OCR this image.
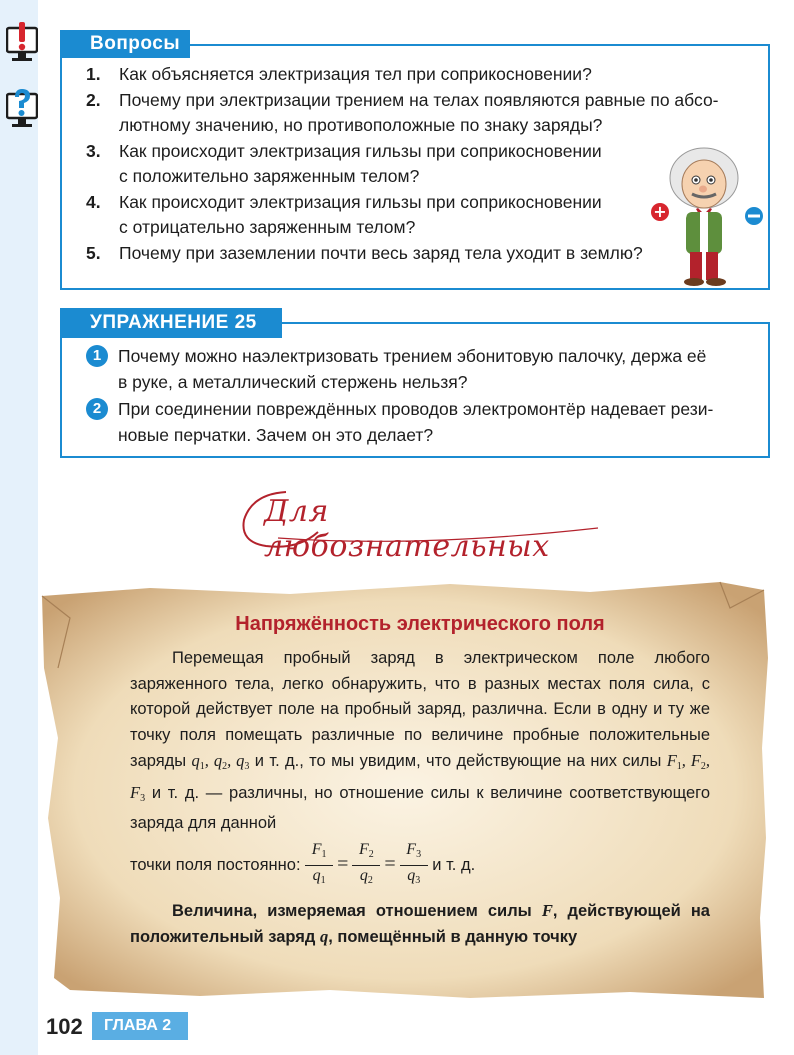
Вопросы
1. Как объясняется электризация тел при соприкосновении?
2. Почему при электризации трением на телах появляются равные по абсо-
лютному значению, но противоположные по знаку заряды?
3. Как происходит электризация гильзы при соприкосновении
с положительно заряженным телом?
4. Как происходит электризация гильзы при соприкосновении
с отрицательно заряженным телом?
5. Почему при заземлении почти весь заряд тела уходит в землю?
+
УПРАЖНЕНИЕ 25
1 Почему можно наэлектризовать трением эбонитовую палочку, держа её
в руке, а металлический стержень нельзя?
2 При соединении повреждённых проводов электромонтёр надевает рези-
новые перчатки. Зачем он это делает?
Для любознательных
Напряжённость электрического поля
Перемещая пробный заряд в электрическом поле любого заряженного тела, легко обнаружить, что в разных местах поля сила, с которой действует поле на пробный заряд, различна. Если в одну и ту же точку поля помещать различные по величине пробные положительные заряды $q_1$, $q_2$, $q_3$ и т. д., то мы увидим, что действующие на них силы $F_1$, $F_2$, $F_3$ и т. д. — различны, но отношение силы к величине соответствующего заряда для данной
точки поля постоянно: $\frac{F_1}{q_1} = \frac{F_2}{q_2} = \frac{F_3}{q_3}$ и т. д.
Величина, измеряемая отношением силы F, действующей на положительный заряд q, помещённый в данную точку
102	ГЛАВА 2
